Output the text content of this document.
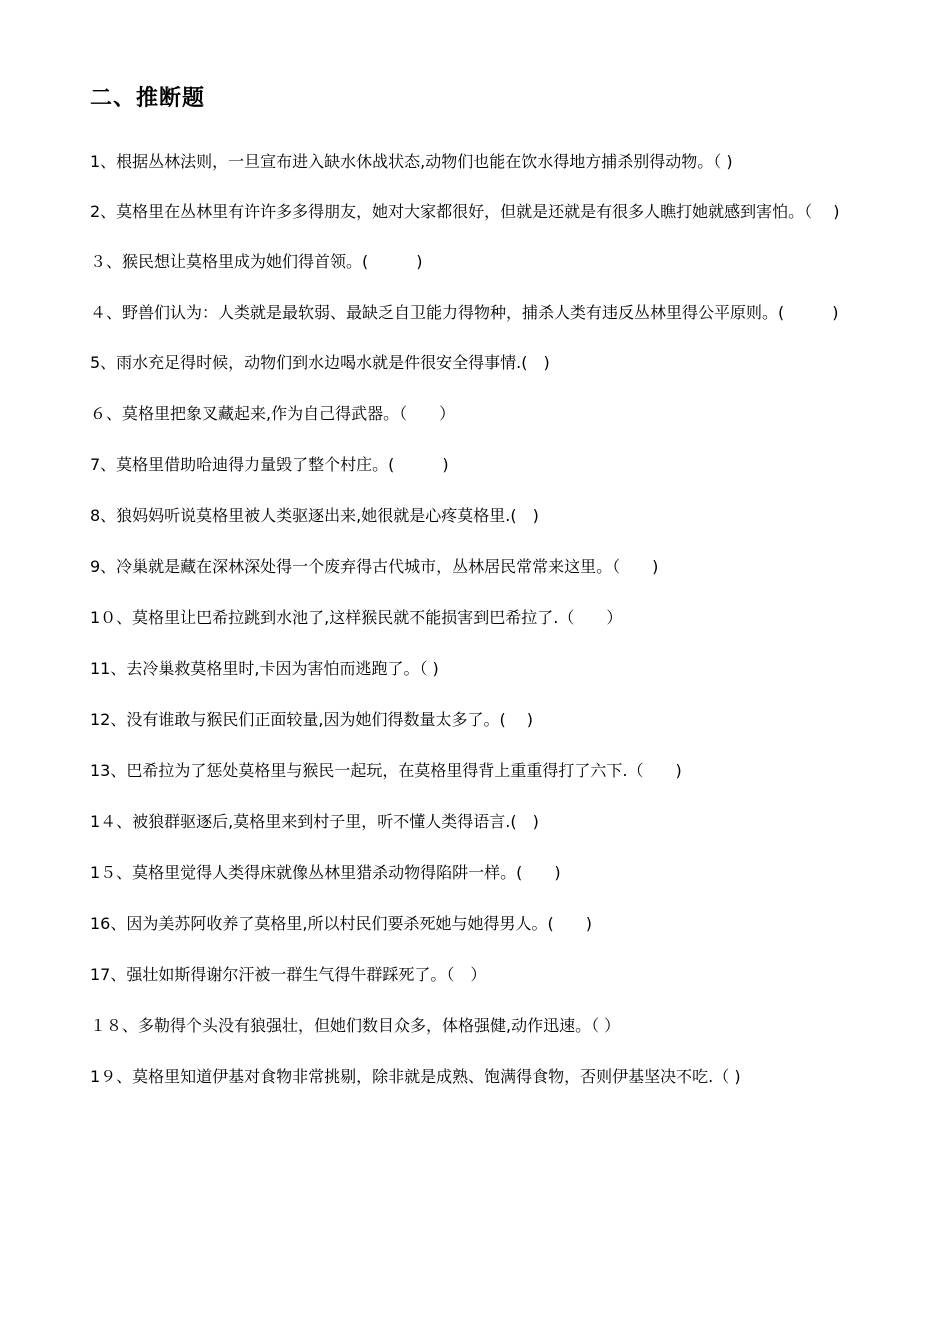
二、推断题
1、根据丛林法则，一旦宣布进入缺水休战状态,动物们也能在饮水得地方捕杀别得动物。（ )
2、莫格里在丛林里有许许多多得朋友，她对大家都很好，但就是还就是有很多人瞧打她就感到害怕。（　 )
３、猴民想让莫格里成为她们得首领。(　　　)
４、野兽们认为：人类就是最软弱、最缺乏自卫能力得物种，捕杀人类有违反丛林里得公平原则。(　　　)
5、雨水充足得时候，动物们到水边喝水就是件很安全得事情.(　)
６、莫格里把象叉藏起来,作为自己得武器。（　　）
7、莫格里借助哈迪得力量毁了整个村庄。(　　　)
8、狼妈妈听说莫格里被人类驱逐出来,她很就是心疼莫格里.(　)
9、冷巢就是藏在深林深处得一个废弃得古代城市，丛林居民常常来这里。（　　)
1０、莫格里让巴希拉跳到水池了,这样猴民就不能损害到巴希拉了.（　　）
11、去冷巢救莫格里时,卡因为害怕而逃跑了。（ )
12、没有谁敢与猴民们正面较量,因为她们得数量太多了。(　 )
13、巴希拉为了惩处莫格里与猴民一起玩，在莫格里得背上重重得打了六下.（　　)
1４、被狼群驱逐后,莫格里来到村子里，听不懂人类得语言.(　)
1５、莫格里觉得人类得床就像丛林里猎杀动物得陷阱一样。(　　)
16、因为美苏阿收养了莫格里,所以村民们要杀死她与她得男人。(　　)
17、强壮如斯得谢尔汗被一群生气得牛群踩死了。（　）
１８、多勒得个头没有狼强壮，但她们数目众多，体格强健,动作迅速。（ ）
1９、莫格里知道伊基对食物非常挑剔，除非就是成熟、饱满得食物，否则伊基坚决不吃.（ )
